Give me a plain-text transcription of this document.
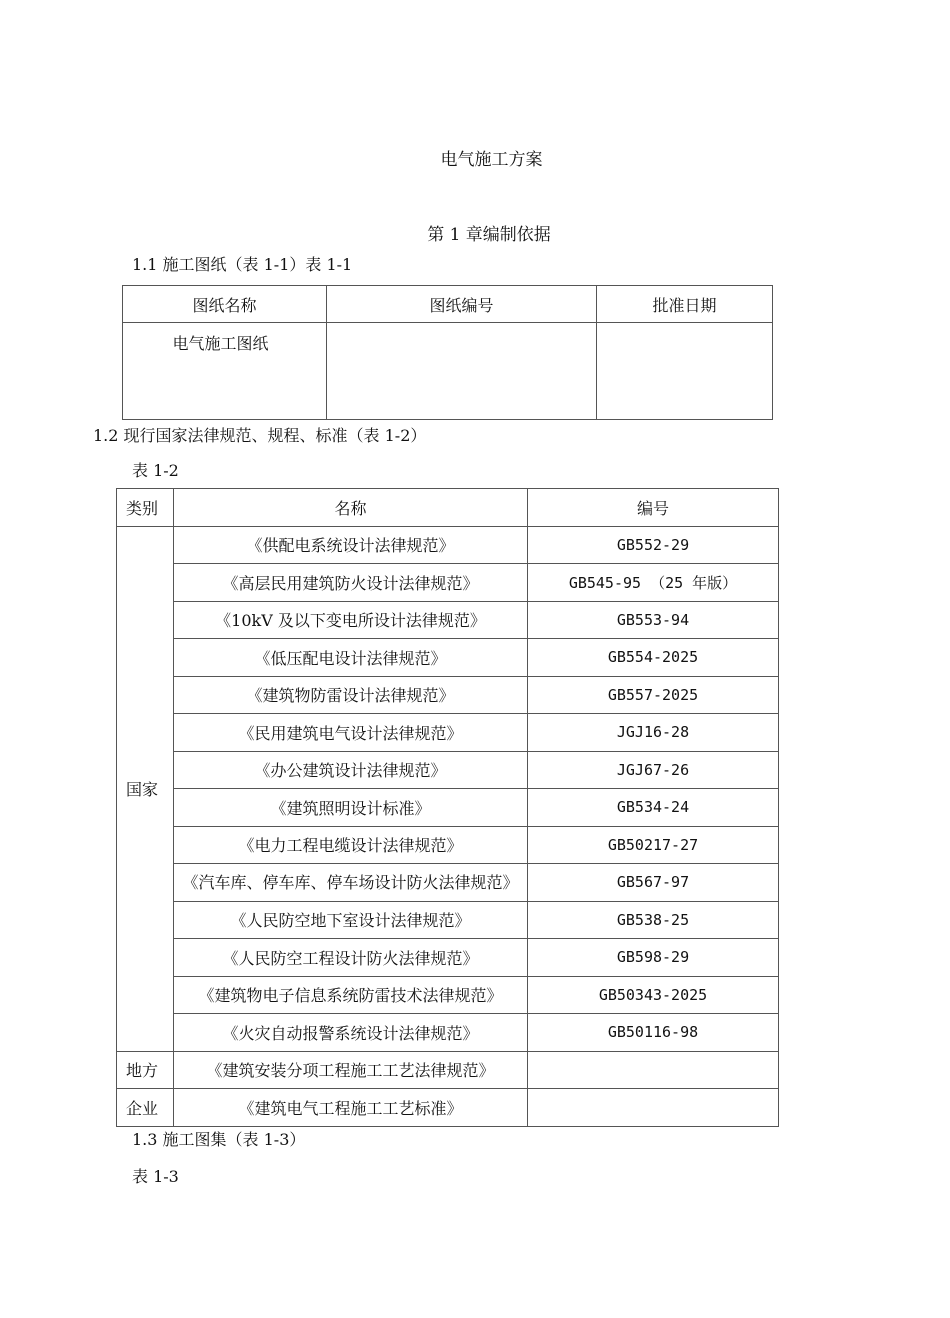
电气施工方案
第 1 章编制依据
1.1 施工图纸（表 1-1）表 1-1
图纸名称	图纸编号	批准日期

电气施工图纸		

1.2 现行国家法律规范、规程、标准（表 1-2）
表 1-2
类别	名称	编号
国家	《供配电系统设计法律规范》	GB552-29
	《高层民用建筑防火设计法律规范》	GB545-95 （25 年版）
	《10kV 及以下变电所设计法律规范》	GB553-94
	《低压配电设计法律规范》	GB554-2025
	《建筑物防雷设计法律规范》	GB557-2025
	《民用建筑电气设计法律规范》	JGJ16-28
	《办公建筑设计法律规范》	JGJ67-26
	《建筑照明设计标准》	GB534-24
	《电力工程电缆设计法律规范》	GB50217-27
	《汽车库、停车库、停车场设计防火法律规范》	GB567-97
	《人民防空地下室设计法律规范》	GB538-25
	《人民防空工程设计防火法律规范》	GB598-29
	《建筑物电子信息系统防雷技术法律规范》	GB50343-2025
	《火灾自动报警系统设计法律规范》	GB50116-98
地方	《建筑安装分项工程施工工艺法律规范》	
企业	《建筑电气工程施工工艺标准》	
1.3 施工图集（表 1-3）
表 1-3
